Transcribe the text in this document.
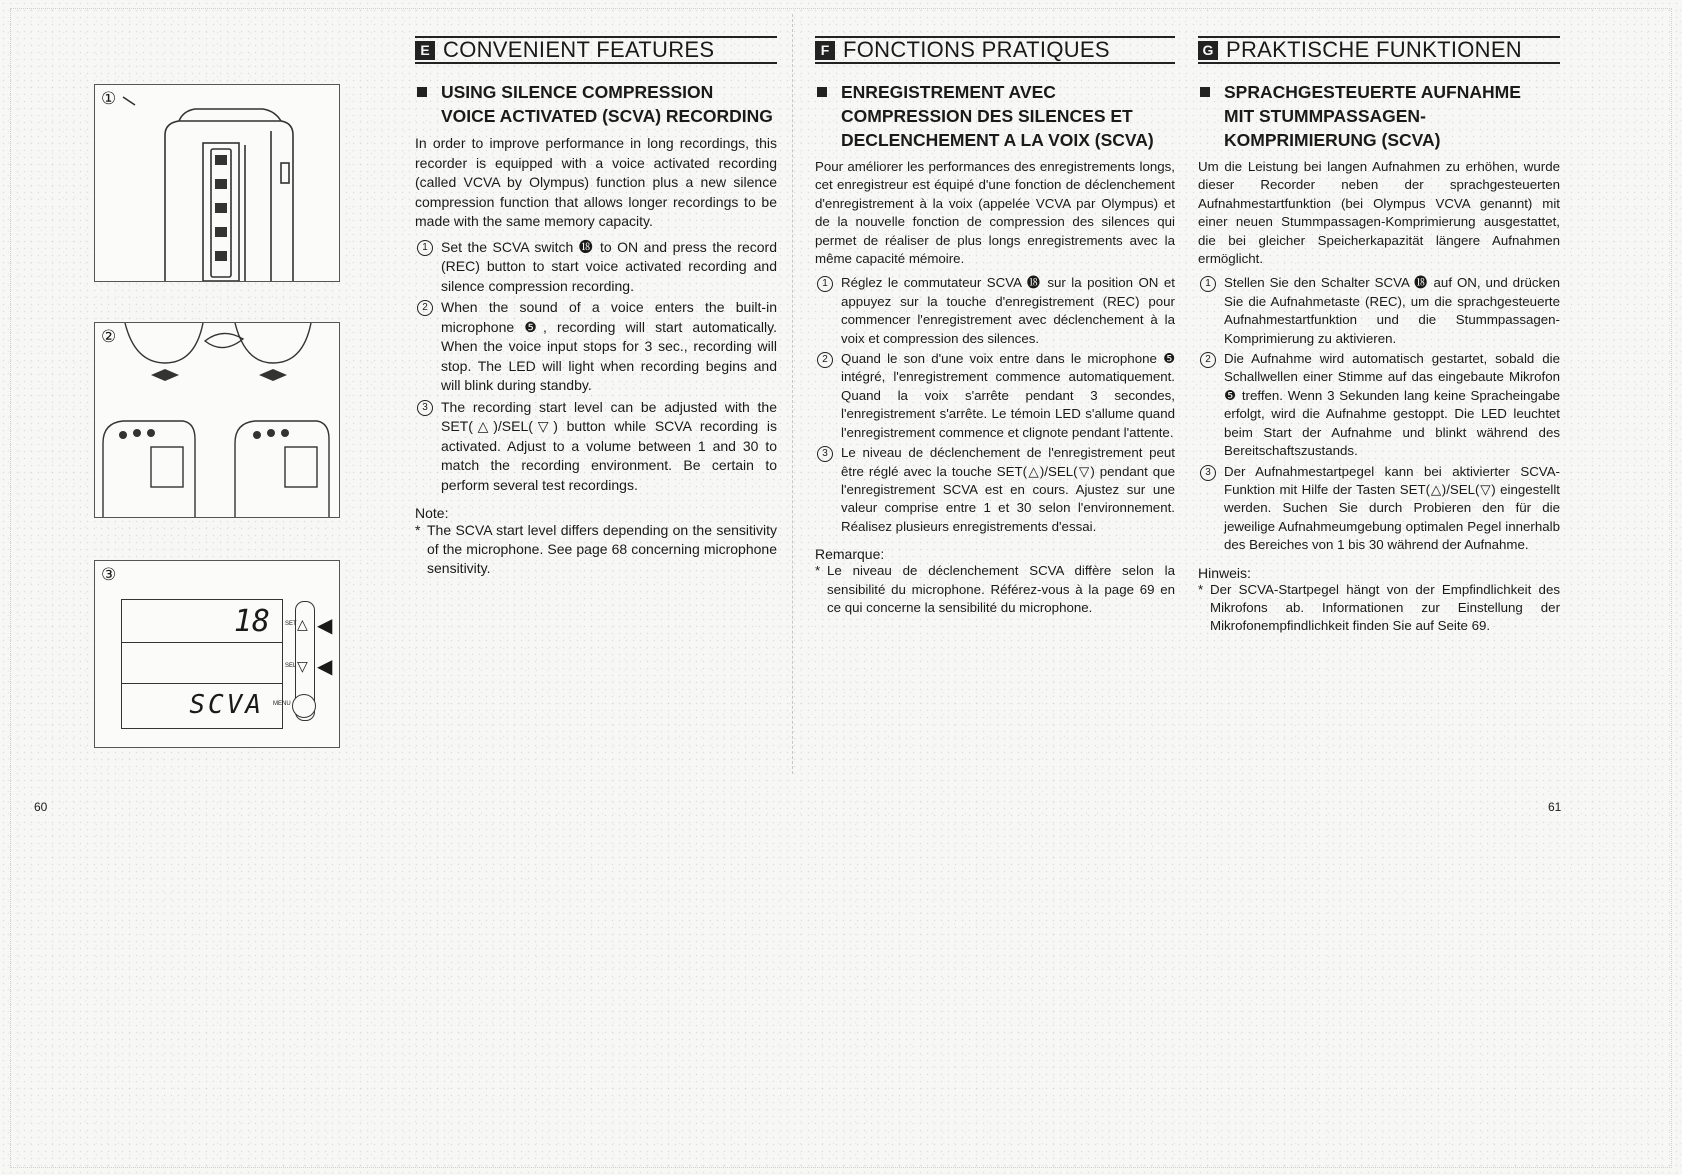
①
②
③
18
SCVA
SET
SEL
MENU
△
▽
◀
◀
E CONVENIENT FEATURES
USING SILENCE COMPRESSION
VOICE ACTIVATED (SCVA) RECORDING
In order to improve performance in long recordings, this recorder is equipped with a voice activated recording (called VCVA by Olympus) function plus a new silence compression function that allows longer recordings to be made with the same memory capacity.
1 Set the SCVA switch ⓲ to ON and press the record (REC) button to start voice activated recording and silence compression recording.
2 When the sound of a voice enters the built-in microphone ❺, recording will start automatically. When the voice input stops for 3 sec., recording will stop. The LED will light when recording begins and will blink during standby.
3 The recording start level can be adjusted with the SET(△)/SEL(▽) button while SCVA recording is activated. Adjust to a volume between 1 and 30 to match the recording environment. Be certain to perform several test recordings.
Note:
* The SCVA start level differs depending on the sensitivity of the microphone. See page 68 concerning microphone sensitivity.
F FONCTIONS PRATIQUES
ENREGISTREMENT AVEC
COMPRESSION DES SILENCES ET
DECLENCHEMENT A LA VOIX (SCVA)
Pour améliorer les performances des enregistrements longs, cet enregistreur est équipé d'une fonction de déclenchement d'enregistrement à la voix (appelée VCVA par Olympus) et de la nouvelle fonction de compression des silences qui permet de réaliser de plus longs enregistrements avec la même capacité mémoire.
1 Réglez le commutateur SCVA ⓲ sur la position ON et appuyez sur la touche d'enregistrement (REC) pour commencer l'enregistrement avec déclenchement à la voix et compression des silences.
2 Quand le son d'une voix entre dans le microphone ❺ intégré, l'enregistrement commence automatiquement. Quand la voix s'arrête pendant 3 secondes, l'enregistrement s'arrête. Le témoin LED s'allume quand l'enregistrement commence et clignote pendant l'attente.
3 Le niveau de déclenchement de l'enregistrement peut être réglé avec la touche SET(△)/SEL(▽) pendant que l'enregistrement SCVA est en cours. Ajustez sur une valeur comprise entre 1 et 30 selon l'environnement. Réalisez plusieurs enregistrements d'essai.
Remarque:
* Le niveau de déclenchement SCVA diffère selon la sensibilité du microphone. Référez-vous à la page 69 en ce qui concerne la sensibilité du microphone.
G PRAKTISCHE FUNKTIONEN
SPRACHGESTEUERTE AUFNAHME
MIT STUMMPASSAGEN-
KOMPRIMIERUNG (SCVA)
Um die Leistung bei langen Aufnahmen zu erhöhen, wurde dieser Recorder neben der sprachgesteuerten Aufnahmestartfunktion (bei Olympus VCVA genannt) mit einer neuen Stummpassagen-Komprimierung ausgestattet, die bei gleicher Speicherkapazität längere Aufnahmen ermöglicht.
1 Stellen Sie den Schalter SCVA ⓲ auf ON, und drücken Sie die Aufnahmetaste (REC), um die sprachgesteuerte Aufnahmestartfunktion und die Stummpassagen-Komprimierung zu aktivieren.
2 Die Aufnahme wird automatisch gestartet, sobald die Schallwellen einer Stimme auf das eingebaute Mikrofon ❺ treffen. Wenn 3 Sekunden lang keine Spracheingabe erfolgt, wird die Aufnahme gestoppt. Die LED leuchtet beim Start der Aufnahme und blinkt während des Bereitschaftszustands.
3 Der Aufnahmestartpegel kann bei aktivierter SCVA-Funktion mit Hilfe der Tasten SET(△)/SEL(▽) eingestellt werden. Suchen Sie durch Probieren den für die jeweilige Aufnahmeumgebung optimalen Pegel innerhalb des Bereiches von 1 bis 30 während der Aufnahme.
Hinweis:
* Der SCVA-Startpegel hängt von der Empfindlichkeit des Mikrofons ab. Informationen zur Einstellung der Mikrofonempfindlichkeit finden Sie auf Seite 69.
60	61
